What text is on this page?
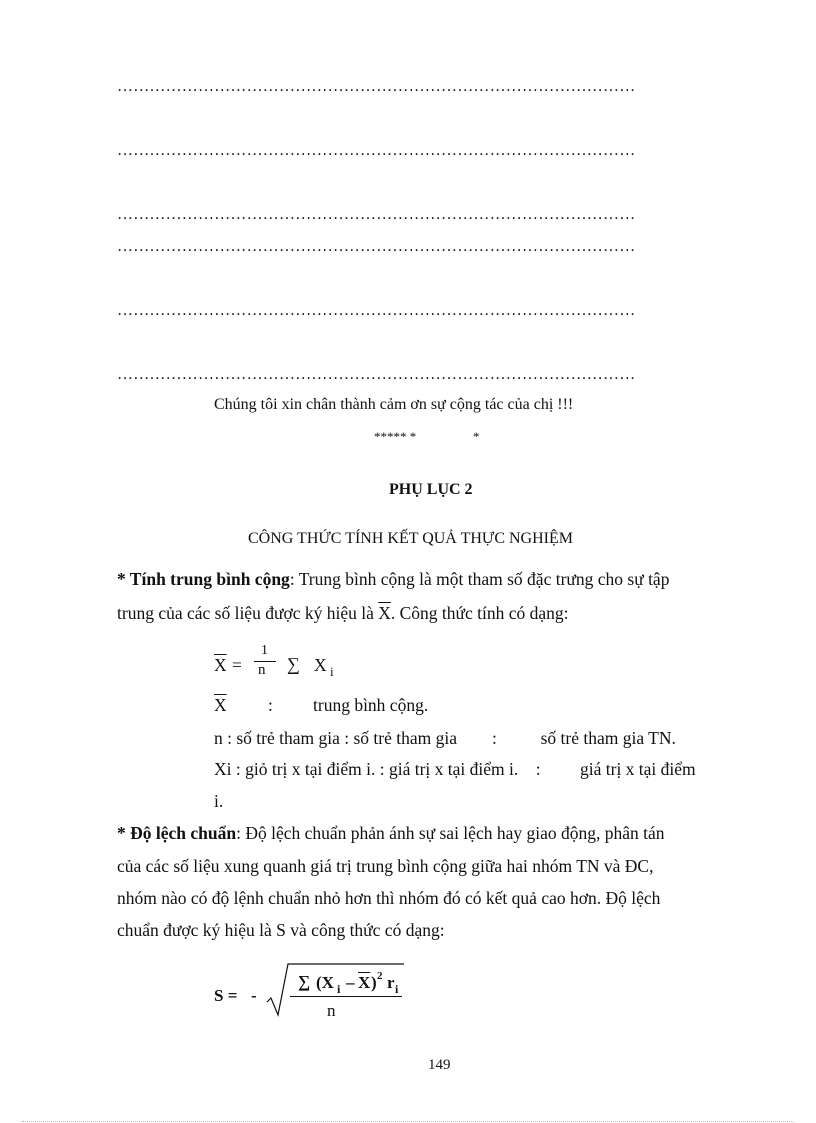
……………………………………………………………………………………
……………………………………………………………………………………
……………………………………………………………………………………
……………………………………………………………………………………
……………………………………………………………………………………
……………………………………………………………………………………
Chúng tôi xin chân thành cảm ơn sự cộng tác của chị !!!
***** *	*
PHỤ LỤC 2
CÔNG THỨC TÍNH KẾT QUẢ THỰC NGHIỆM
* Tính trung bình cộng: Trung bình cộng là một tham số đặc trưng cho sự tập
trung của các số liệu được ký hiệu là $\overline{X}$. Công thức tính có dạng:
$\overline{X}$ =
1
n ∑ X i
$\overline{X}$ : trung bình cộng.
n : số trẻ tham gia : số trẻ tham gia        :          số trẻ tham gia TN.
Xi : giỏ trị x tại điểm i. : giá trị x tại điểm i.    :         giá trị x tại điểm
i.
* Độ lệch chuẩn: Độ lệch chuẩn phản ánh sự sai lệch hay giao động, phân tán
của các số liệu xung quanh giá trị trung bình cộng giữa hai nhóm TN và ĐC,
nhóm nào có độ lệnh chuẩn nhỏ hơn thì nhóm đó có kết quả cao hơn. Độ lệch
chuẩn được ký hiệu là S và công thức có dạng:
S = -
∑ (X i – $\overline{X}$ ) 2 r i
n
149
